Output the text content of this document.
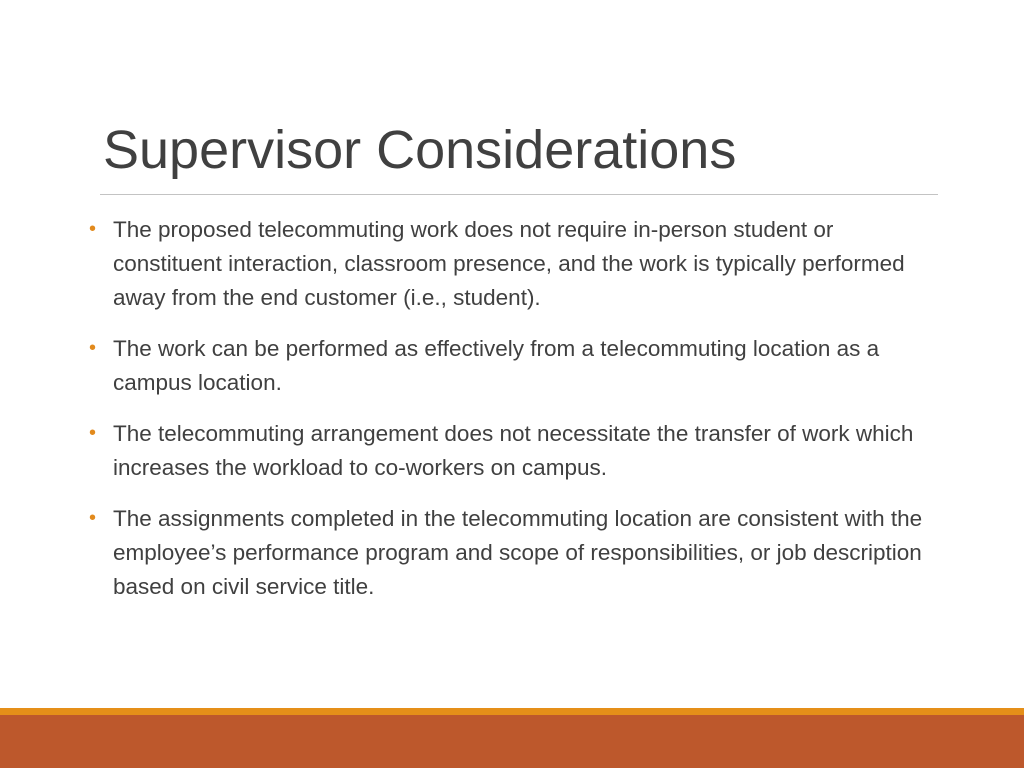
Supervisor Considerations
• The proposed telecommuting work does not require in-person student or constituent interaction, classroom presence, and the work is typically performed away from the end customer (i.e., student).
• The work can be performed as effectively from a telecommuting location as a campus location.
• The telecommuting arrangement does not necessitate the transfer of work which increases the workload to co-workers on campus.
• The assignments completed in the telecommuting location are consistent with the employee’s performance program and scope of responsibilities, or job description based on civil service title.
